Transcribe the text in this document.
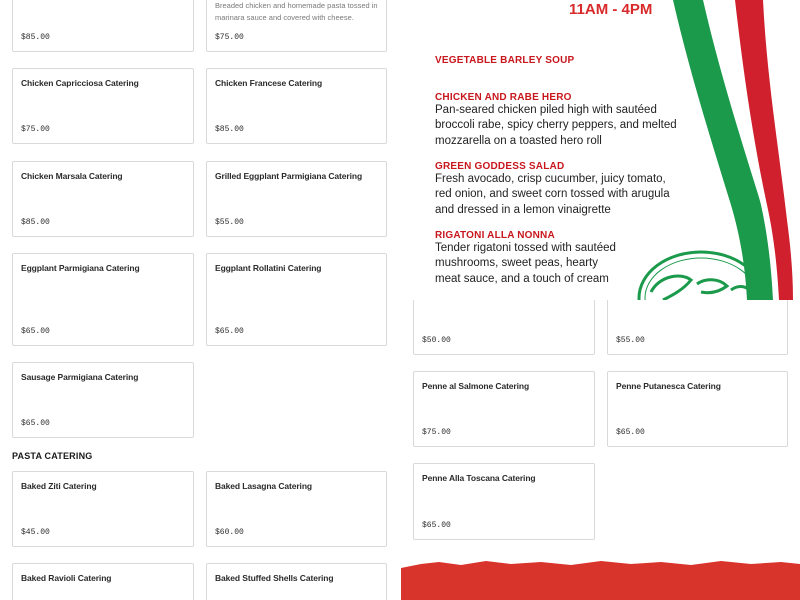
$85.00
Breaded chicken and homemade pasta tossed in marinara sauce and covered with cheese.
$75.00
Chicken Capricciosa Catering
$75.00
Chicken Francese Catering
$85.00
Chicken Marsala Catering
$85.00
Grilled Eggplant Parmigiana Catering
$55.00
Eggplant Parmigiana Catering
$65.00
Eggplant Rollatini Catering
$65.00
Sausage Parmigiana Catering
$65.00
PASTA CATERING
Baked Ziti Catering
$45.00
Baked Lasagna Catering
$60.00
Baked Ravioli Catering	Baked Stuffed Shells Catering
$50.00	$55.00
Penne al Salmone Catering
$75.00
Penne Putanesca Catering
$65.00
Penne Alla Toscana Catering
$65.00
11AM - 4PM
VEGETABLE BARLEY SOUP
CHICKEN AND RABE HERO
Pan-seared chicken piled high with sautéed
broccoli rabe, spicy cherry peppers, and melted
mozzarella on a toasted hero roll
GREEN GODDESS SALAD
Fresh avocado, crisp cucumber, juicy tomato,
red onion, and sweet corn tossed with arugula
and dressed in a lemon vinaigrette
RIGATONI ALLA NONNA
Tender rigatoni tossed with sautéed
mushrooms, sweet peas, hearty
meat sauce, and a touch of cream
